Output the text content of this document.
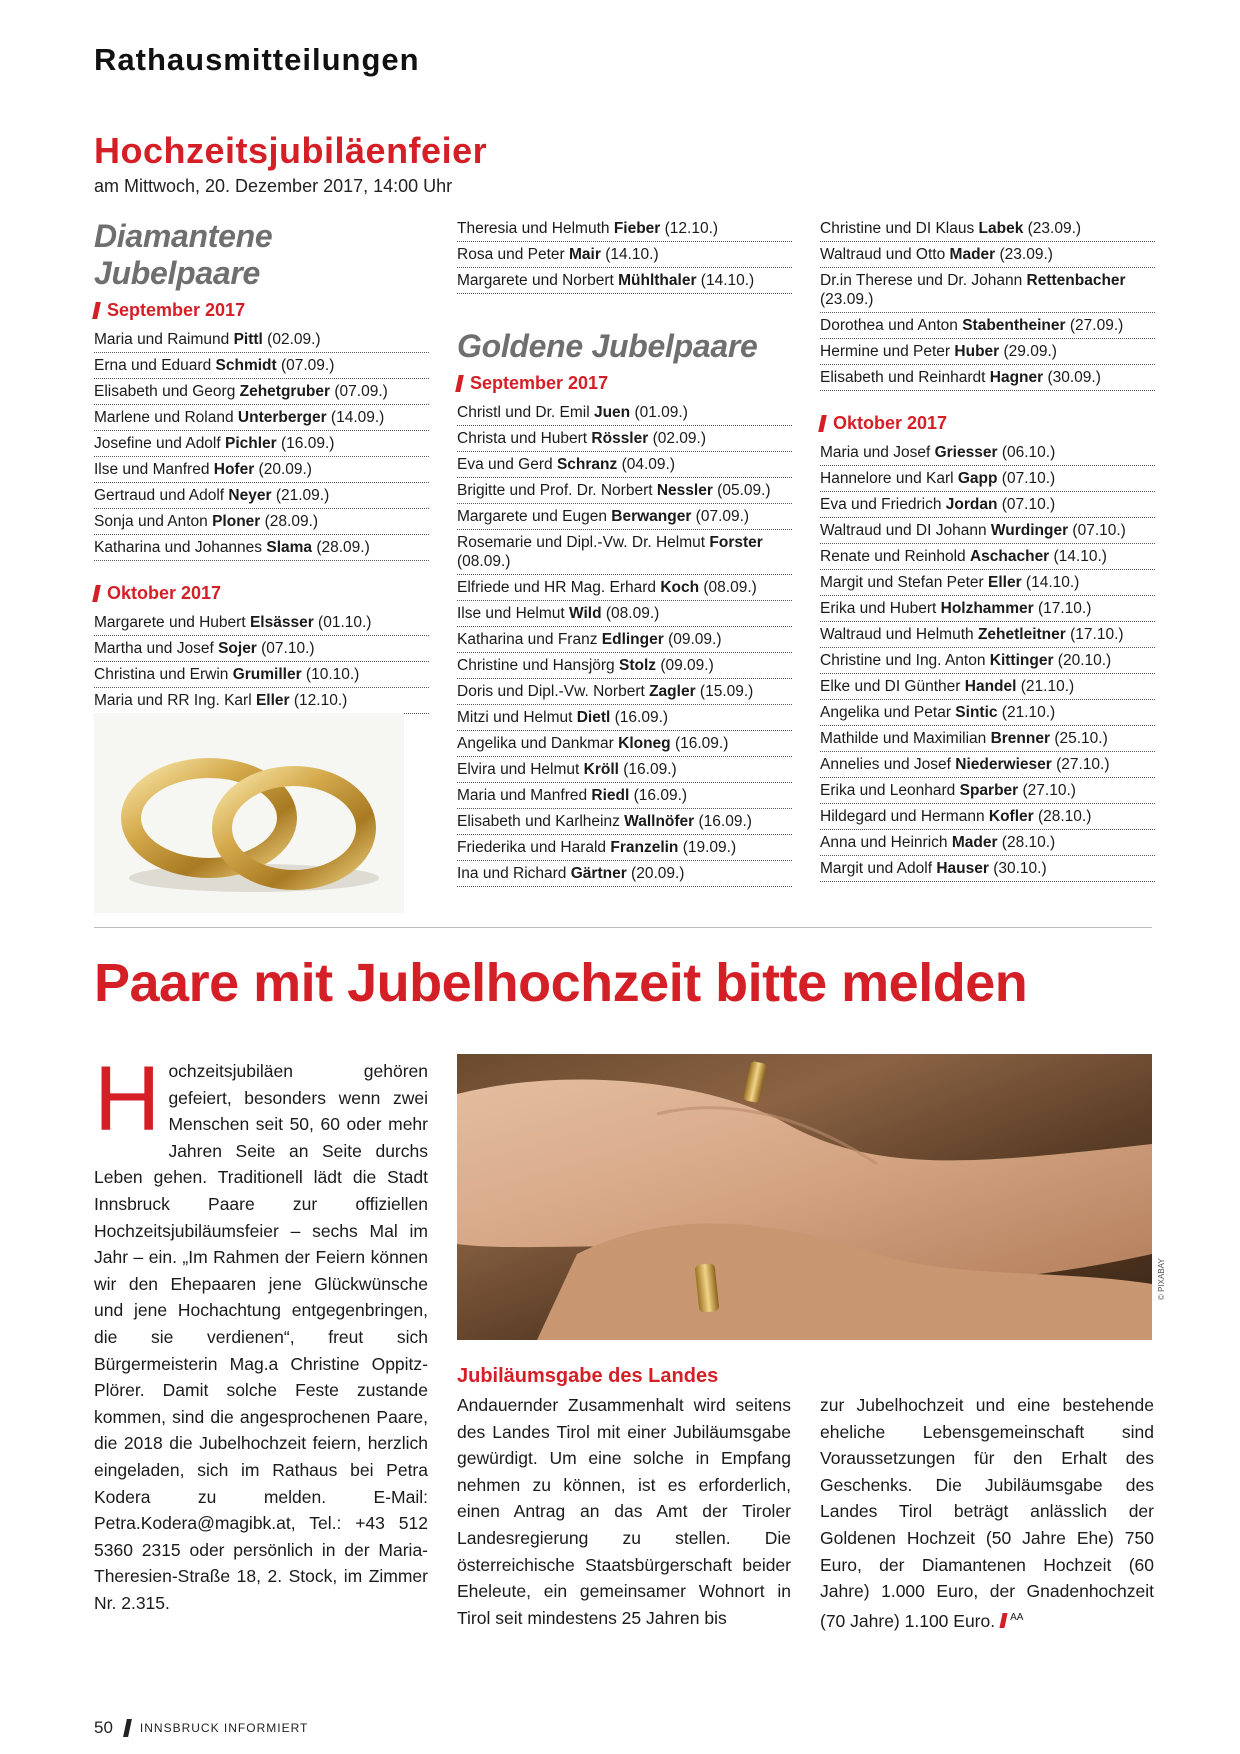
Rathausmitteilungen
Hochzeitsjubiläenfeier
am Mittwoch, 20. Dezember 2017, 14:00 Uhr
Diamantene Jubelpaare
September 2017
Maria und Raimund Pittl (02.09.)
Erna und Eduard Schmidt (07.09.)
Elisabeth und Georg Zehetgruber (07.09.)
Marlene und Roland Unterberger (14.09.)
Josefine und Adolf Pichler (16.09.)
Ilse und Manfred Hofer (20.09.)
Gertraud und Adolf Neyer (21.09.)
Sonja und Anton Ploner (28.09.)
Katharina und Johannes Slama (28.09.)
Oktober 2017
Margarete und Hubert Elsässer (01.10.)
Martha und Josef Sojer (07.10.)
Christina und Erwin Grumiller (10.10.)
Maria und RR Ing. Karl Eller (12.10.)
Theresia und Helmuth Fieber (12.10.)
Rosa und Peter Mair (14.10.)
Margarete und Norbert Mühlthaler (14.10.)
Goldene Jubelpaare
September 2017
Christl und Dr. Emil Juen (01.09.)
Christa und Hubert Rössler (02.09.)
Eva und Gerd Schranz (04.09.)
Brigitte und Prof. Dr. Norbert Nessler (05.09.)
Margarete und Eugen Berwanger (07.09.)
Rosemarie und Dipl.-Vw. Dr. Helmut Forster (08.09.)
Elfriede und HR Mag. Erhard Koch (08.09.)
Ilse und Helmut Wild (08.09.)
Katharina und Franz Edlinger (09.09.)
Christine und Hansjörg Stolz (09.09.)
Doris und Dipl.-Vw. Norbert Zagler (15.09.)
Mitzi und Helmut Dietl (16.09.)
Angelika und Dankmar Kloneg (16.09.)
Elvira und Helmut Kröll (16.09.)
Maria und Manfred Riedl (16.09.)
Elisabeth und Karlheinz Wallnöfer (16.09.)
Friederika und Harald Franzelin (19.09.)
Ina und Richard Gärtner (20.09.)
Christine und DI Klaus Labek (23.09.)
Waltraud und Otto Mader (23.09.)
Dr.in Therese und Dr. Johann Rettenbacher (23.09.)
Dorothea und Anton Stabentheiner (27.09.)
Hermine und Peter Huber (29.09.)
Elisabeth und Reinhardt Hagner (30.09.)
Oktober 2017
Maria und Josef Griesser (06.10.)
Hannelore und Karl Gapp (07.10.)
Eva und Friedrich Jordan (07.10.)
Waltraud und DI Johann Wurdinger (07.10.)
Renate und Reinhold Aschacher (14.10.)
Margit und Stefan Peter Eller (14.10.)
Erika und Hubert Holzhammer (17.10.)
Waltraud und Helmuth Zehetleitner (17.10.)
Christine und Ing. Anton Kittinger (20.10.)
Elke und DI Günther Handel (21.10.)
Angelika und Petar Sintic (21.10.)
Mathilde und Maximilian Brenner (25.10.)
Annelies und Josef Niederwieser (27.10.)
Erika und Leonhard Sparber (27.10.)
Hildegard und Hermann Kofler (28.10.)
Anna und Heinrich Mader (28.10.)
Margit und Adolf Hauser (30.10.)
Paare mit Jubelhochzeit bitte melden
H ochzeitsjubiläen gehören gefeiert, besonders wenn zwei Menschen seit 50, 60 oder mehr Jahren Seite an Seite durchs Leben gehen. Traditionell lädt die Stadt Innsbruck Paare zur offiziellen Hochzeitsjubiläumsfeier – sechs Mal im Jahr – ein. „Im Rahmen der Feiern können wir den Ehepaaren jene Glückwünsche und jene Hochachtung entgegenbringen, die sie verdienen“, freut sich Bürgermeisterin Mag.a Christine Oppitz-Plörer. Damit solche Feste zustande kommen, sind die angesprochenen Paare, die 2018 die Jubelhochzeit feiern, herzlich eingeladen, sich im Rathaus bei Petra Kodera zu melden. E-Mail: Petra.Kodera@magibk.at, Tel.: +43 512 5360 2315 oder persönlich in der Maria-Theresien-Straße 18, 2. Stock, im Zimmer Nr. 2.315.
© PIXABAY
Jubiläumsgabe des Landes
Andauernder Zusammenhalt wird seitens des Landes Tirol mit einer Jubiläumsgabe gewürdigt. Um eine solche in Empfang nehmen zu können, ist es erforderlich, einen Antrag an das Amt der Tiroler Landesregierung zu stellen. Die österreichische Staatsbürgerschaft beider Eheleute, ein gemeinsamer Wohnort in Tirol seit mindestens 25 Jahren bis
zur Jubelhochzeit und eine bestehende eheliche Lebensgemeinschaft sind Voraussetzungen für den Erhalt des Geschenks. Die Jubiläumsgabe des Landes Tirol beträgt anlässlich der Goldenen Hochzeit (50 Jahre Ehe) 750 Euro, der Diamantenen Hochzeit (60 Jahre) 1.000 Euro, der Gnadenhochzeit (70 Jahre) 1.100 Euro. $^{AA}$
50 INNSBRUCK INFORMIERT
